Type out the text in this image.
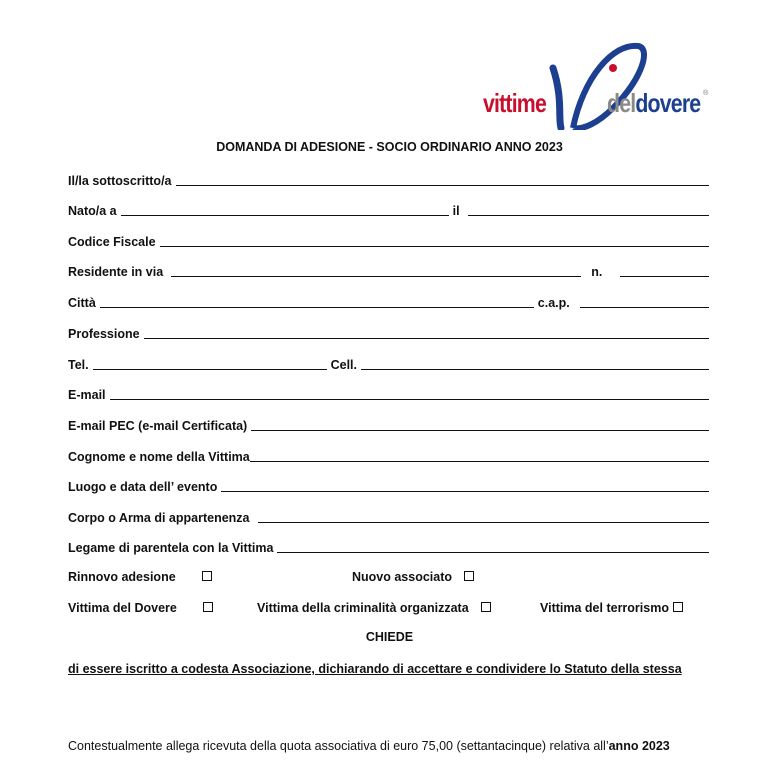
vittime deldovere ®
DOMANDA DI ADESIONE - SOCIO ORDINARIO ANNO 2023
Il/la sottoscritto/a
Nato/a a	il
Codice Fiscale
Residente in via	n.
Città	c.a.p.
Professione
Tel.	Cell.
E-mail
E-mail PEC (e-mail Certificata)
Cognome e nome della Vittima
Luogo e data dell’ evento
Corpo o Arma di appartenenza
Legame di parentela con la Vittima
Rinnovo adesione	Nuovo associato
Vittima del Dovere	Vittima della criminalità organizzata	Vittima del terrorismo
CHIEDE
di essere iscritto a codesta Associazione, dichiarando di accettare e condividere lo Statuto della stessa
Contestualmente allega ricevuta della quota associativa di euro 75,00 (settantacinque) relativa all’anno 2023
